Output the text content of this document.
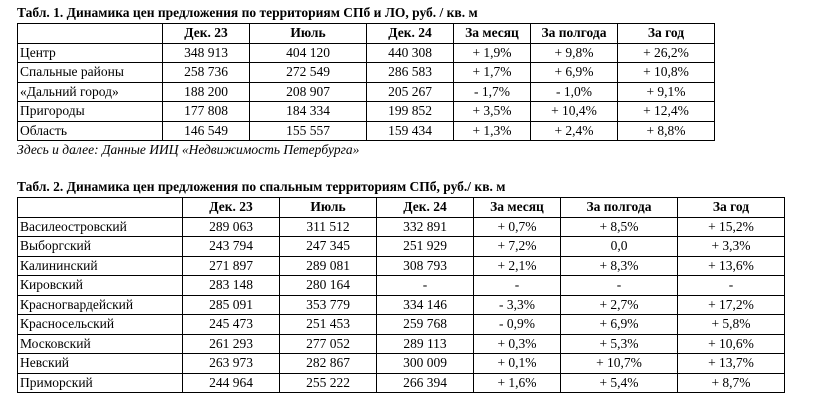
Табл. 1. Динамика цен предложения по территориям СПб и ЛО, руб. / кв. м
	Дек. 23	Июль	Дек. 24	За месяц	За полгода	За год
Центр	348 913	404 120	440 308	+ 1,9%	+ 9,8%	+ 26,2%
Спальные районы	258 736	272 549	286 583	+ 1,7%	+ 6,9%	+ 10,8%
«Дальний город»	188 200	208 907	205 267	- 1,7%	- 1,0%	+ 9,1%
Пригороды	177 808	184 334	199 852	+ 3,5%	+ 10,4%	+ 12,4%
Область	146 549	155 557	159 434	+ 1,3%	+ 2,4%	+ 8,8%
Здесь и далее: Данные ИИЦ «Недвижимость Петербурга»
Табл. 2. Динамика цен предложения по спальным территориям СПб, руб./ кв. м
	Дек. 23	Июль	Дек. 24	За месяц	За полгода	За год
Василеостровский	289 063	311 512	332 891	+ 0,7%	+ 8,5%	+ 15,2%
Выборгский	243 794	247 345	251 929	+ 7,2%	0,0	+ 3,3%
Калининский	271 897	289 081	308 793	+ 2,1%	+ 8,3%	+ 13,6%
Кировский	283 148	280 164	-	-	-	-
Красногвардейский	285 091	353 779	334 146	- 3,3%	+ 2,7%	+ 17,2%
Красносельский	245 473	251 453	259 768	- 0,9%	+ 6,9%	+ 5,8%
Московский	261 293	277 052	289 113	+ 0,3%	+ 5,3%	+ 10,6%
Невский	263 973	282 867	300 009	+ 0,1%	+ 10,7%	+ 13,7%
Приморский	244 964	255 222	266 394	+ 1,6%	+ 5,4%	+ 8,7%
